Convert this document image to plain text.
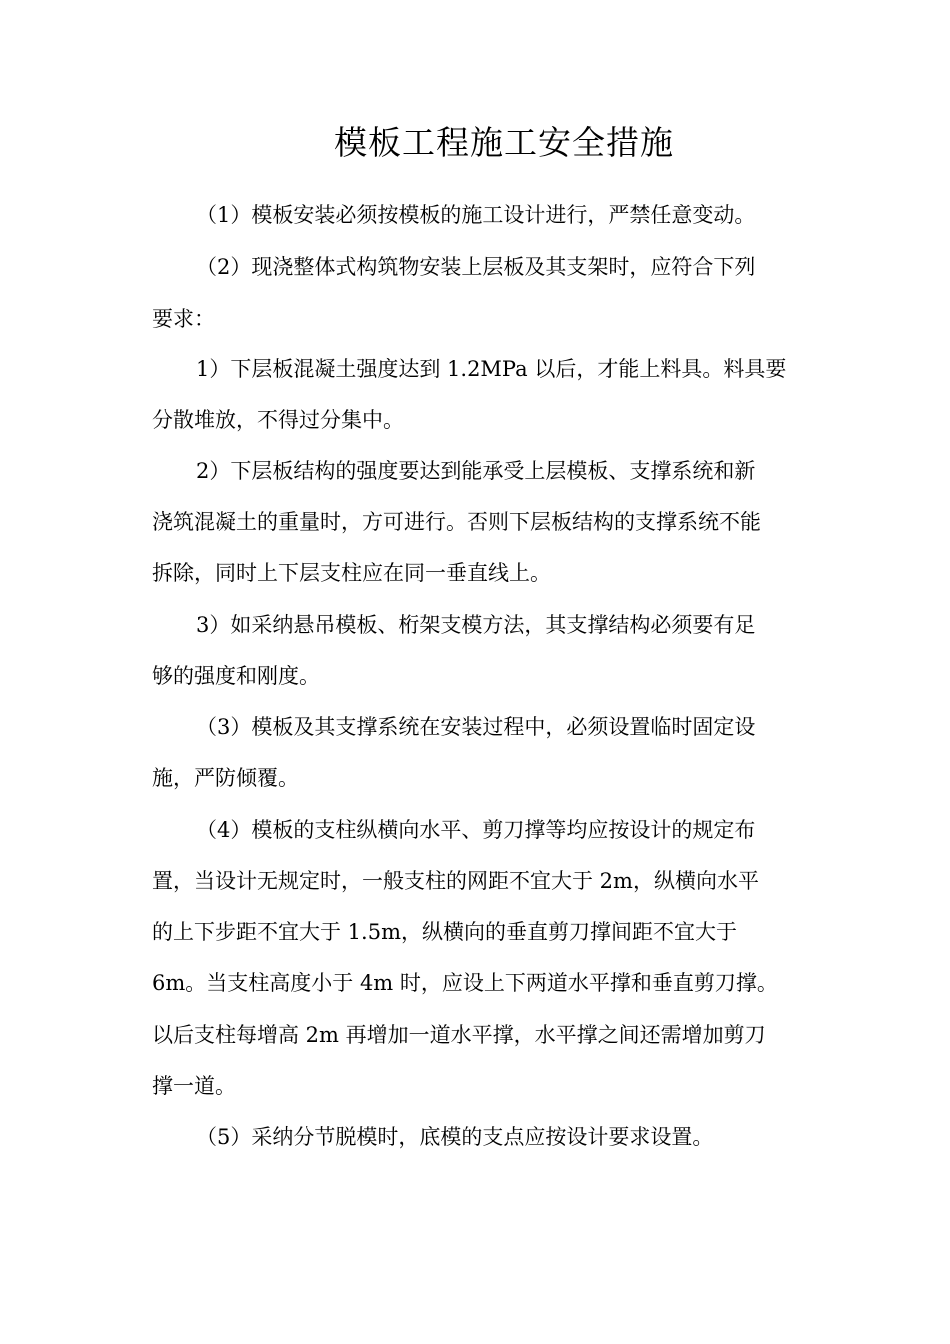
模板工程施工安全措施

（1）模板安装必须按模板的施工设计进行，严禁任意变动。

（2）现浇整体式构筑物安装上层板及其支架时，应符合下列

要求：

1）下层板混凝土强度达到 1.2MPa 以后，才能上料具。料具要

分散堆放，不得过分集中。

2）下层板结构的强度要达到能承受上层模板、支撑系统和新

浇筑混凝土的重量时，方可进行。否则下层板结构的支撑系统不能

拆除，同时上下层支柱应在同一垂直线上。

3）如采纳悬吊模板、桁架支模方法，其支撑结构必须要有足

够的强度和刚度。

（3）模板及其支撑系统在安装过程中，必须设置临时固定设

施，严防倾覆。

（4）模板的支柱纵横向水平、剪刀撑等均应按设计的规定布

置，当设计无规定时，一般支柱的网距不宜大于 2m，纵横向水平

的上下步距不宜大于 1.5m，纵横向的垂直剪刀撑间距不宜大于

6m。当支柱高度小于 4m 时，应设上下两道水平撑和垂直剪刀撑。

以后支柱每增高 2m 再增加一道水平撑，水平撑之间还需增加剪刀

撑一道。

（5）采纳分节脱模时，底模的支点应按设计要求设置。
